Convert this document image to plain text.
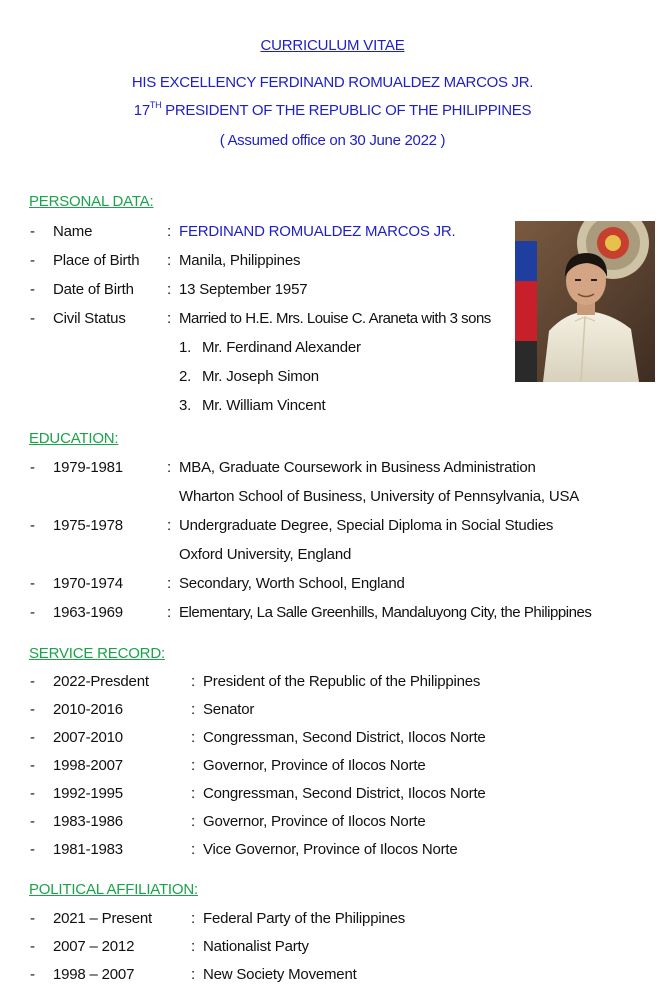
CURRICULUM VITAE
HIS EXCELLENCY FERDINAND ROMUALDEZ MARCOS JR.
17TH PRESIDENT OF THE REPUBLIC OF THE PHILIPPINES
( Assumed office on 30 June 2022 )
PERSONAL DATA:
- Name	: FERDINAND ROMUALDEZ MARCOS JR.
- Place of Birth : Manila, Philippines
- Date of Birth : 13 September 1957
- Civil Status	: Married to H.E. Mrs. Louise C. Araneta with 3 sons
1. Mr. Ferdinand Alexander
2. Mr. Joseph Simon
3. Mr. William Vincent
EDUCATION:
- 1979-1981	: MBA, Graduate Coursework in Business Administration
Wharton School of Business, University of Pennsylvania, USA
- 1975-1978	: Undergraduate Degree, Special Diploma in Social Studies
Oxford University, England
- 1970-1974	: Secondary, Worth School, England
- 1963-1969	: Elementary, La Salle Greenhills, Mandaluyong City, the Philippines
SERVICE RECORD:
- 2022-Presdent	: President of the Republic of the Philippines
- 2010-2016	: Senator
- 2007-2010	: Congressman, Second District, Ilocos Norte
- 1998-2007	: Governor, Province of Ilocos Norte
- 1992-1995	: Congressman, Second District, Ilocos Norte
- 1983-1986	: Governor, Province of Ilocos Norte
- 1981-1983	: Vice Governor, Province of Ilocos Norte
POLITICAL AFFILIATION:
- 2021 – Present	: Federal Party of the Philippines
- 2007 – 2012	: Nationalist Party
- 1998 – 2007	: New Society Movement
